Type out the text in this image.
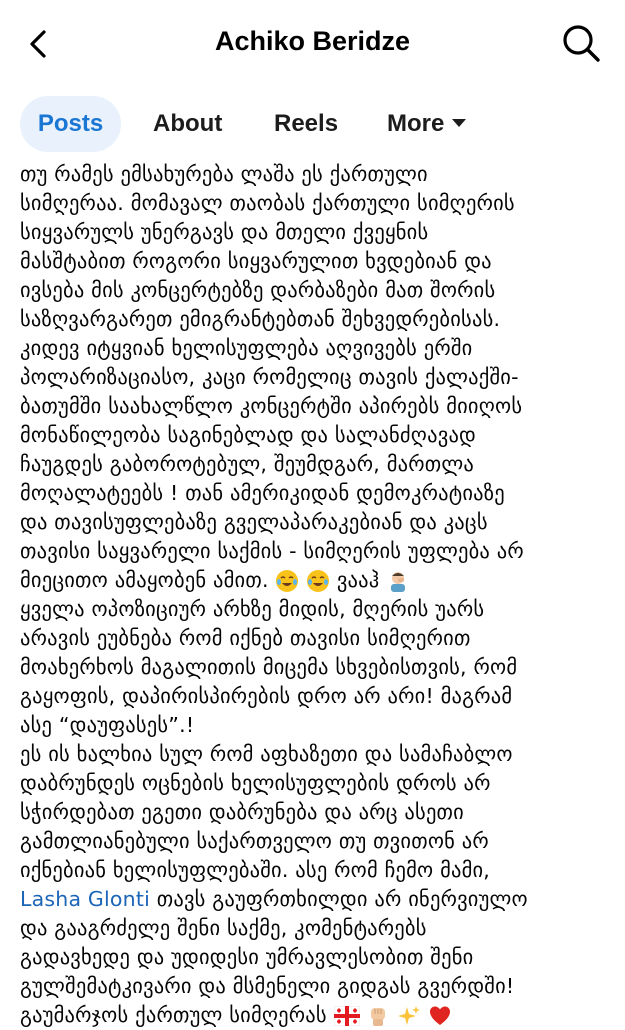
Achiko Beridze
Posts	About Reels More
თუ რამეს ემსახურება ლაშა ეს ქართული
სიმღერაა. მომავალ თაობას ქართული სიმღერის
სიყვარულს უნერგავს და მთელი ქვეყნის
მასშტაბით როგორი სიყვარულით ხვდებიან და
ივსება მის კონცერტებზე დარბაზები მათ შორის
საზღვარგარეთ ემიგრანტებთან შეხვედრებისას.
კიდევ იტყვიან ხელისუფლება აღვივებს ერში
პოლარიზაციასო, კაცი რომელიც თავის ქალაქში-
ბათუმში საახალწლო კონცერტში აპირებს მიიღოს
მონაწილეობა საგინებლად და სალანძღავად
ჩაუგდეს გაბოროტებულ, შეუმდგარ, მართლა
მოღალატეებს ! თან ამერიკიდან დემოკრატიაზე
და თავისუფლებაზე გველაპარაკებიან და კაცს
თავისი საყვარელი საქმის - სიმღერის უფლება არ
მიეცითო ამაყობენ ამით.	ვააჰ
ყველა ოპოზიციურ არხზე მიდის, მღერის უარს
არავის ეუბნება რომ იქნებ თავისი სიმღერით
მოახერხოს მაგალითის მიცემა სხვებისთვის, რომ
გაყოფის, დაპირისპირების დრო არ არი! მაგრამ
ასე “დაუფასეს”.!
ეს ის ხალხია სულ რომ აფხაზეთი და სამაჩაბლო
დაბრუნდეს ოცნების ხელისუფლების დროს არ
სჭირდებათ ეგეთი დაბრუნება და არც ასეთი
გამთლიანებული საქართველო თუ თვითონ არ
იქნებიან ხელისუფლებაში. ასე რომ ჩემო მამი,
Lasha Glonti თავს გაუფრთხილდი არ ინერვიულო
და გააგრძელე შენი საქმე, კომენტარებს
გადავხედე და უდიდესი უმრავლესობით შენი
გულშემატკივარი და მსმენელი გიდგას გვერდში!
გაუმარჯოს ქართულ სიმღერას
